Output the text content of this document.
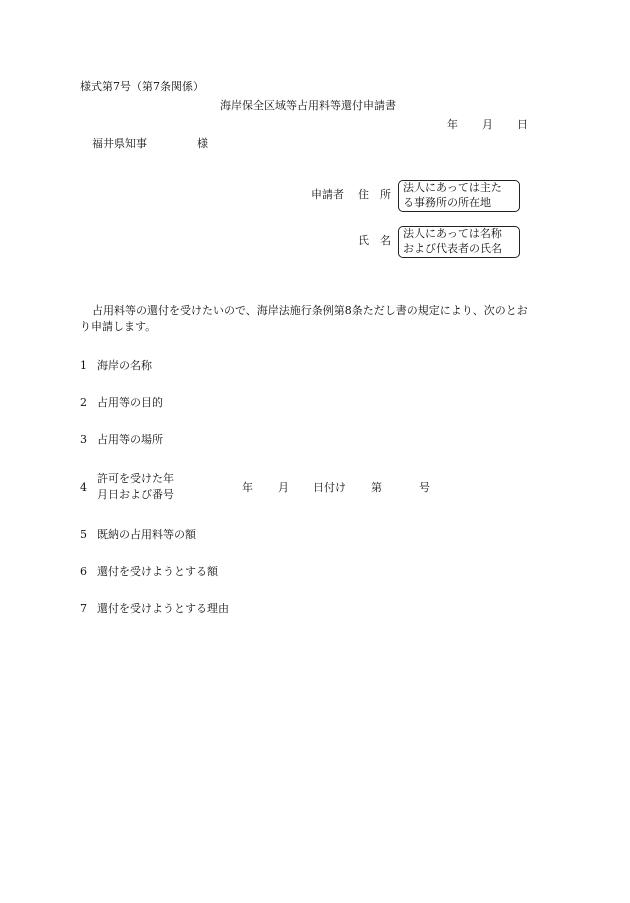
様式第7号（第7条関係）
海岸保全区域等占用料等還付申請書
年 月 日
福井県知事	様
申請者 住　所
法人にあっては主た
る事務所の所在地
氏　名
法人にあっては名称
および代表者の氏名
占用料等の還付を受けたいので、海岸法施行条例第8条ただし書の規定により、次のとお
り申請します。
1 海岸の名称
2 占用等の目的
3 占用等の場所
4
許可を受けた年
月日および番号
年 月 日付け 第	号
5 既納の占用料等の額
6 還付を受けようとする額
7 還付を受けようとする理由
